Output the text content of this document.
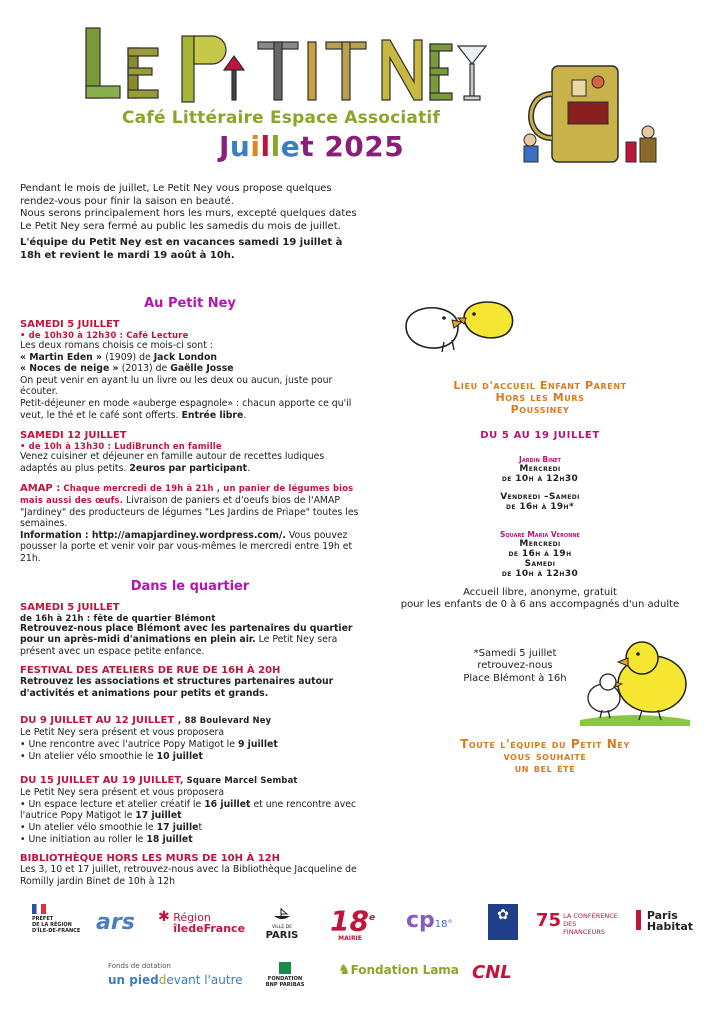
Café Littéraire Espace Associatif
Juillet 2025
Pendant le mois de juillet, Le Petit Ney vous propose quelques rendez-vous pour finir la saison en beauté.
Nous serons principalement hors les murs, excepté quelques dates
Le Petit Ney sera fermé au public les samedis du mois de juillet.
L'équipe du Petit Ney est en vacances samedi 19 juillet à 18h et revient le mardi 19 août à 10h.
Au Petit Ney
SAMEDI 5 JUILLET
• de 10h30 à 12h30 : Café Lecture
Les deux romans choisis ce mois-ci sont :
« Martin Eden » (1909) de Jack London
« Noces de neige » (2013) de Gaëlle Josse
On peut venir en ayant lu un livre ou les deux ou aucun, juste pour écouter.
Petit-déjeuner en mode «auberge espagnole» : chacun apporte ce qu'il veut, le thé et le café sont offerts. Entrée libre.
SAMEDI 12 JUILLET
• de 10h à 13h30 : LudiBrunch en famille
Venez cuisiner et déjeuner en famille autour de recettes ludiques adaptés au plus petits. 2euros par participant.
AMAP : Chaque mercredi de 19h à 21h , un panier de légumes bios mais aussi des œufs. Livraison de paniers et d'oeufs bios de l'AMAP "Jardiney" des producteurs de légumes "Les Jardins de Priape" toutes les semaines.
Information : http://amapjardiney.wordpress.com/. Vous pouvez pousser la porte et venir voir par vous-mêmes le mercredi entre 19h et 21h.
Dans le quartier
SAMEDI 5 JUILLET
de 16h à 21h : fête de quartier Blémont
Retrouvez-nous place Blémont avec les partenaires du quartier pour un après-midi d'animations en plein air. Le Petit Ney sera présent avec un espace petite enfance.
FESTIVAL DES ATELIERS DE RUE DE 16H À 20H
Retrouvez les associations et structures partenaires autour d'activités et animations pour petits et grands.
DU 9 JUILLET AU 12 JUILLET , 88 Boulevard Ney
Le Petit Ney sera présent et vous proposera
• Une rencontre avec l'autrice Popy Matigot le 9 juillet
• Un atelier vélo smoothie le 10 juillet
DU 15 JUILLET AU 19 JUILLET, Square Marcel Sembat
Le Petit Ney sera présent et vous proposera
• Un espace lecture et atelier créatif le 16 juillet et une rencontre avec l'autrice Popy Matigot le 17 juillet
• Un atelier vélo smoothie le 17 juillet
• Une initiation au roller le 18 juillet
BIBLIOTHÈQUE HORS LES MURS DE 10H À 12H
Les 3, 10 et 17 juillet, retrouvez-nous avec la Bibliothèque Jacqueline de Romilly jardin Binet de 10h à 12h
Lieu d'accueil Enfant Parent
Hors les Murs
Poussiney
DU 5 AU 19 JUILLET
Jardin Binet
Mercredi
de 10h à 12h30
Vendredi –Samedi
de 16h à 19h*
Square Maria Veronne
Mercredi
de 16h à 19h
Samedi
de 10h à 12h30
Accueil libre, anonyme, gratuit
pour les enfants de 0 à 6 ans accompagnés d'un adulte
*Samedi 5 juillet
retrouvez-nous
Place Blémont à 16h
Toute l'équipe du Petit Ney
vous souhaite
un bel été
PRÉFET
DE LA RÉGION
D'ÎLE-DE-FRANCE ars ✱ Région
îledeFrance	VILLE DE
PARIS 18e
MAIRIE
cp18°
✿	75 LA CONFÉRENCE
DES FINANCEURS

Paris
Habitat
Fonds de dotation
un pieddevant l'autre	FONDATION
BNP PARIBAS
♞Fondation Lama CNL
